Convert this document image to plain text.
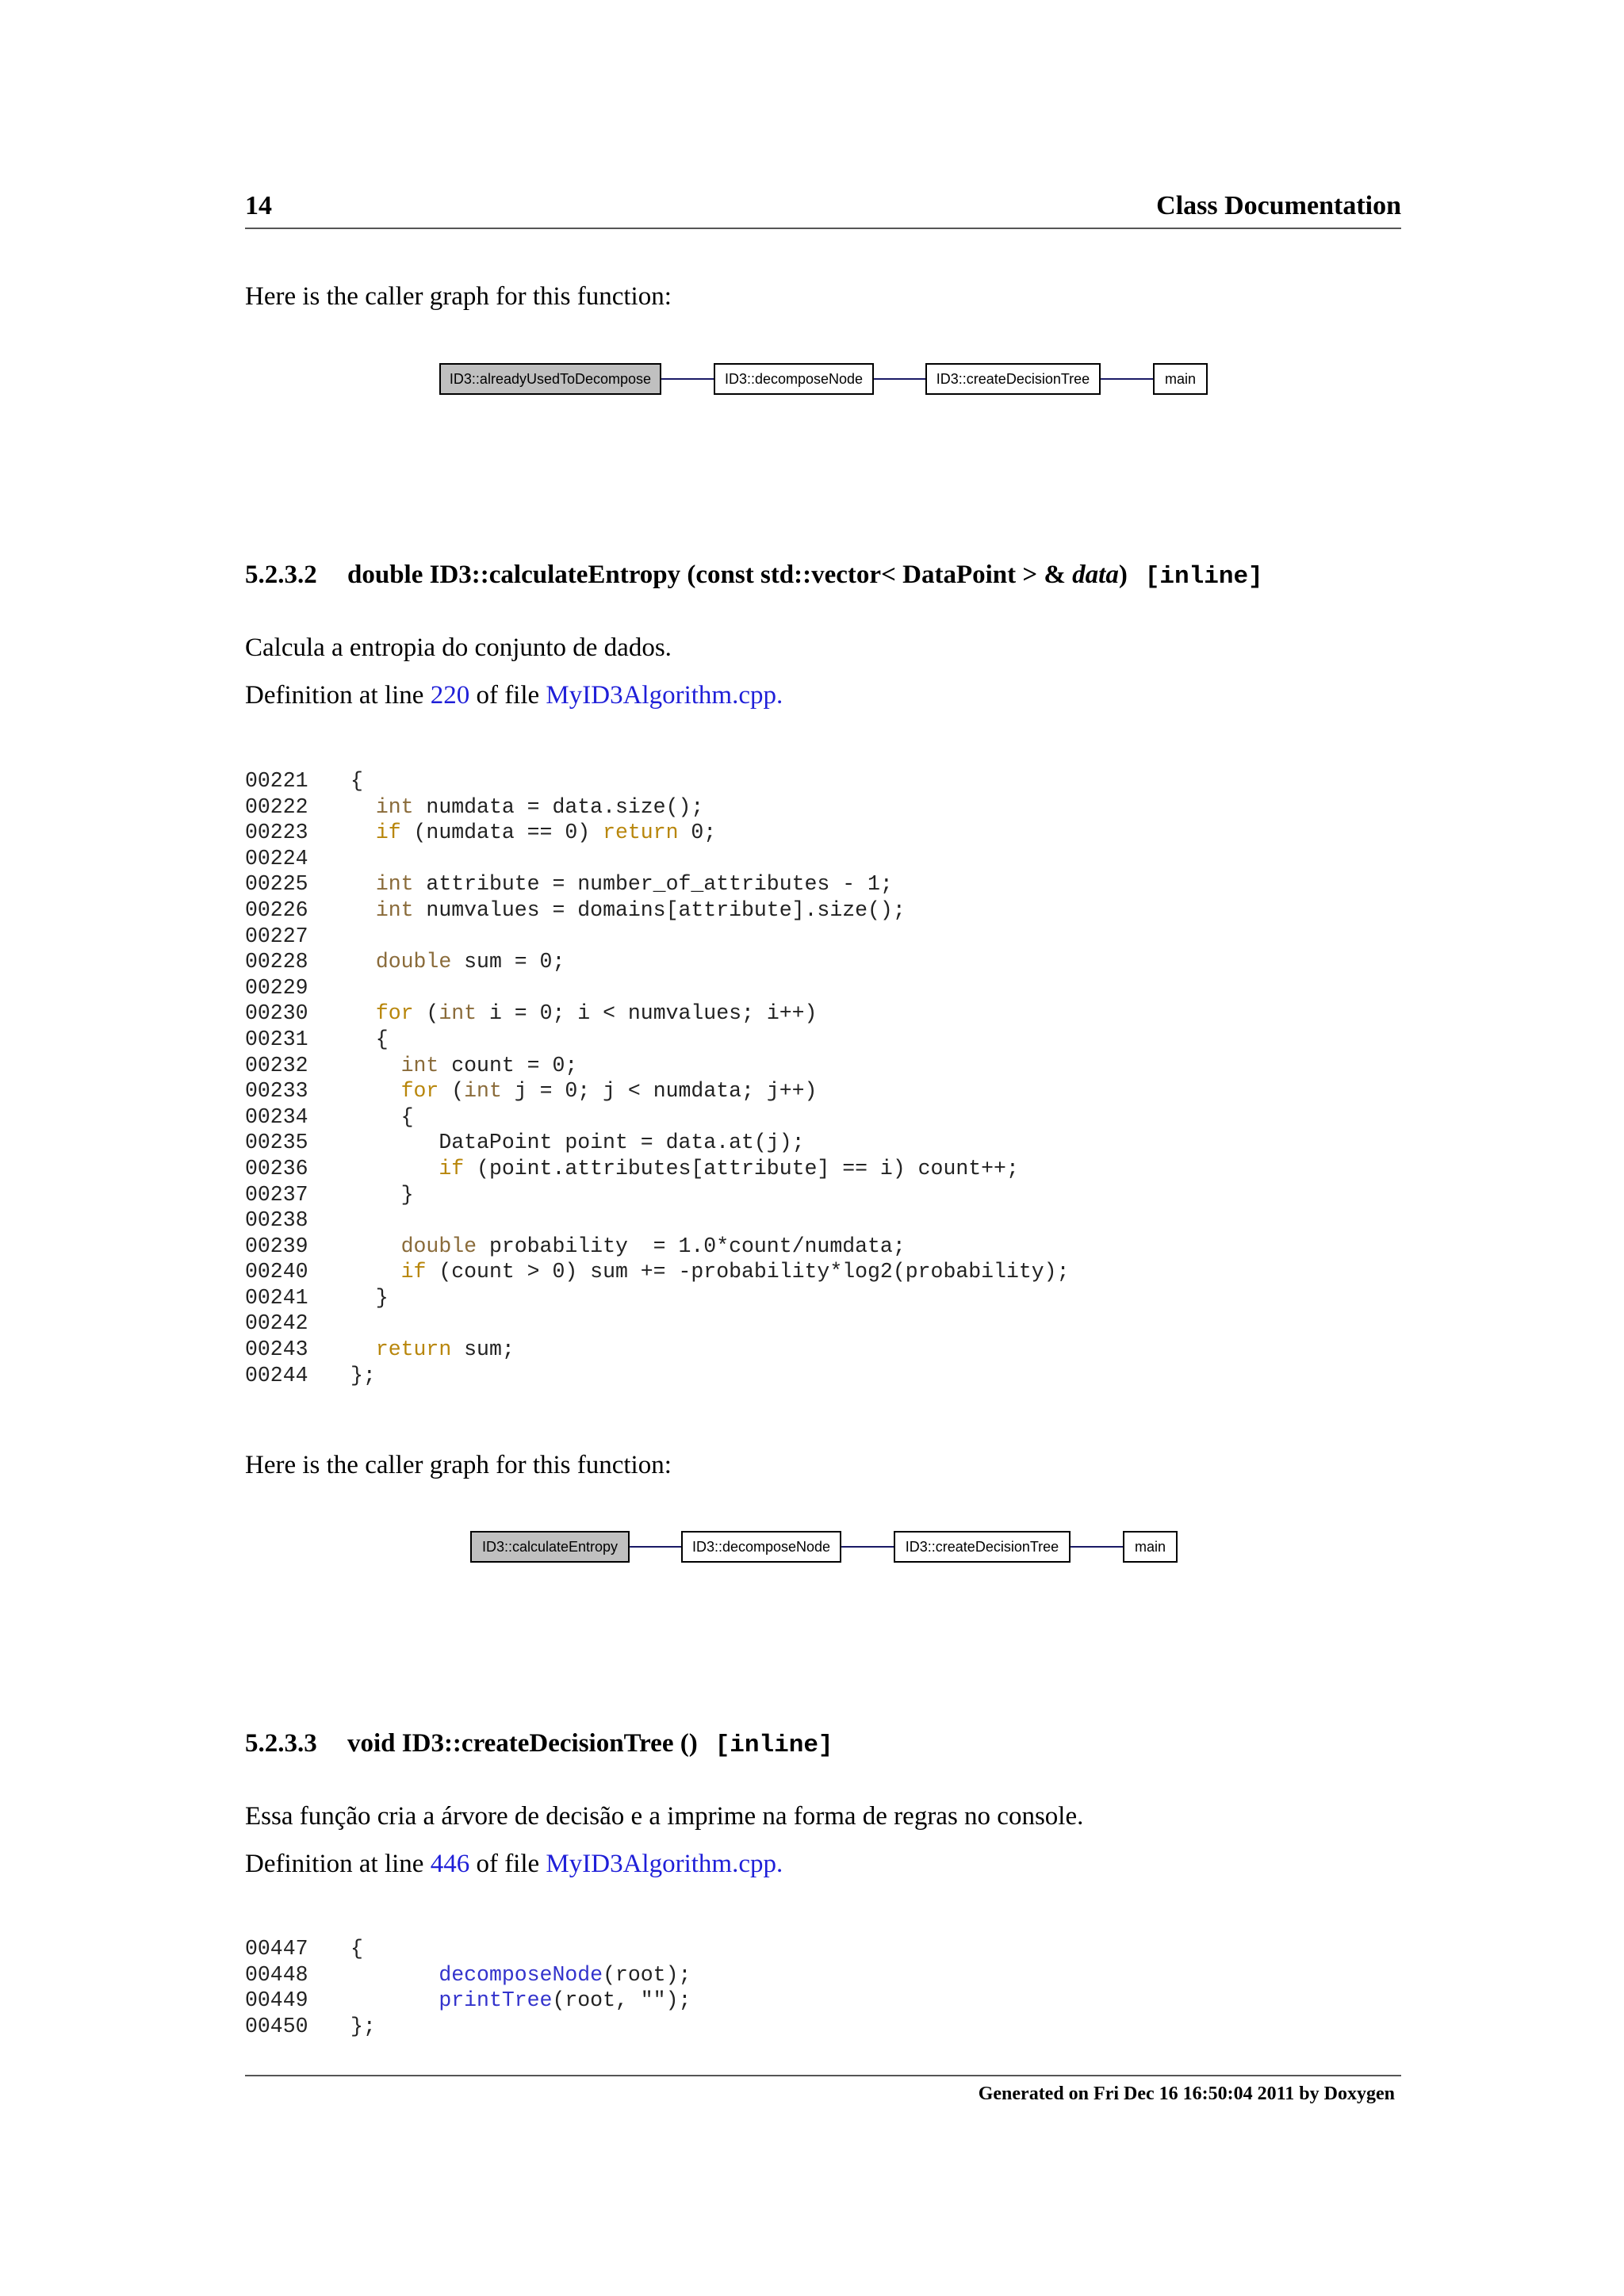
14	Class Documentation
Here is the caller graph for this function:
ID3::alreadyUsedToDecompose	ID3::decomposeNode	ID3::createDecisionTree	main
5.2.3.2 double ID3::calculateEntropy (const std::vector< DataPoint > & data) [inline]
Calcula a entropia do conjunto de dados.
Definition at line 220 of file MyID3Algorithm.cpp.
00221	{
00222	int numdata = data.size();
00223	if (numdata == 0) return 0;
00224
00225	int attribute = number_of_attributes - 1;
00226	int numvalues = domains[attribute].size();
00227
00228	double sum = 0;
00229
00230	for (int i = 0; i < numvalues; i++)
00231	{
00232	int count = 0;
00233	for (int j = 0; j < numdata; j++)
00234	{
00235	DataPoint point = data.at(j);
00236	if (point.attributes[attribute] == i) count++;
00237	}
00238
00239	double probability  = 1.0*count/numdata;
00240	if (count > 0) sum += -probability*log2(probability);
00241	}
00242
00243	return sum;
00244	};
Here is the caller graph for this function:
ID3::calculateEntropy	ID3::decomposeNode	ID3::createDecisionTree	main
5.2.3.3 void ID3::createDecisionTree () [inline]
Essa função cria a árvore de decisão e a imprime na forma de regras no console.
Definition at line 446 of file MyID3Algorithm.cpp.
00447	{
00448	decomposeNode(root);
00449	printTree(root, "");
00450	};
Generated on Fri Dec 16 16:50:04 2011 by Doxygen
